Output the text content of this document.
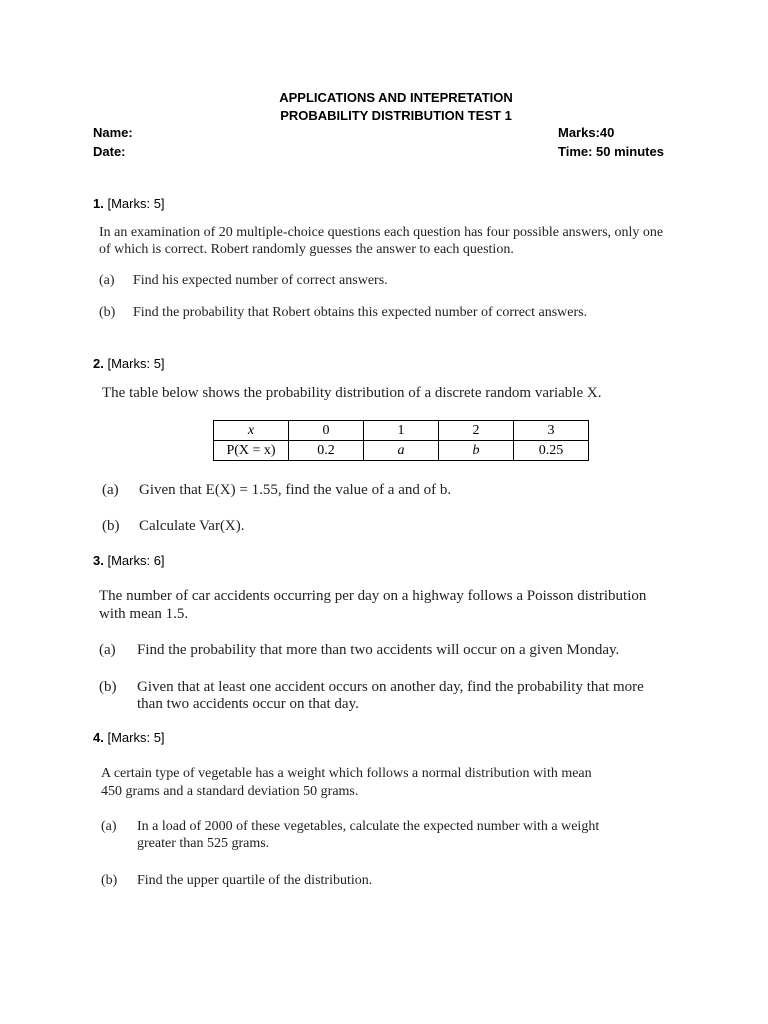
APPLICATIONS AND INTEPRETATION
PROBABILITY DISTRIBUTION TEST 1
Name:
Date:
Marks:40
Time: 50 minutes
1. [Marks: 5]
In an examination of 20 multiple-choice questions each question has four possible answers, only one
of which is correct. Robert randomly guesses the answer to each question.
(a) Find his expected number of correct answers.
(b) Find the probability that Robert obtains this expected number of correct answers.
2. [Marks: 5]
The table below shows the probability distribution of a discrete random variable X.
x	0	1	2	3
P(X = x)	0.2	a	b	0.25
(a) Given that E(X) = 1.55, find the value of a and of b.
(b) Calculate Var(X).
3. [Marks: 6]
The number of car accidents occurring per day on a highway follows a Poisson distribution
with mean 1.5.
(a) Find the probability that more than two accidents will occur on a given Monday.
(b) Given that at least one accident occurs on another day, find the probability that more
than two accidents occur on that day.
4. [Marks: 5]
A certain type of vegetable has a weight which follows a normal distribution with mean
450 grams and a standard deviation 50 grams.
(a) In a load of 2000 of these vegetables, calculate the expected number with a weight
greater than 525 grams.
(b) Find the upper quartile of the distribution.
